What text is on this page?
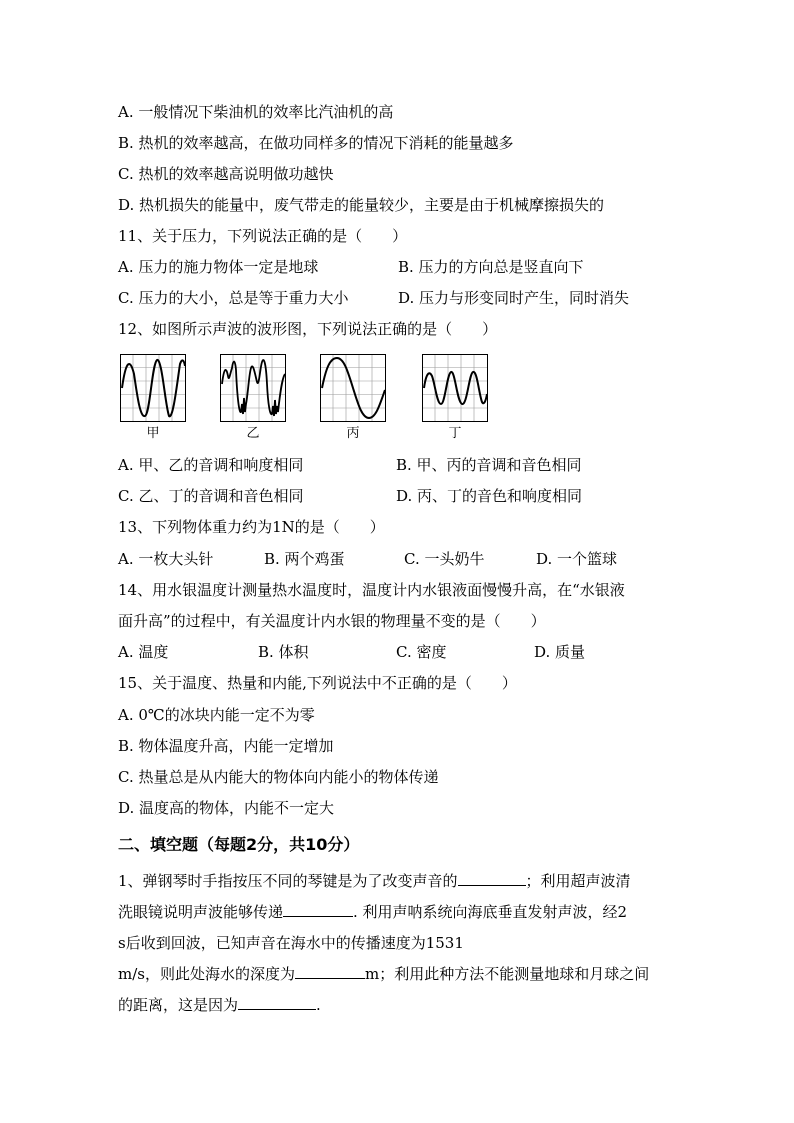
A. 一般情况下柴油机的效率比汽油机的高
B. 热机的效率越高，在做功同样多的情况下消耗的能量越多
C. 热机的效率越高说明做功越快
D. 热机损失的能量中，废气带走的能量较少，主要是由于机械摩擦损失的
11、关于压力，下列说法正确的是（　　）
A. 压力的施力物体一定是地球	B. 压力的方向总是竖直向下
C. 压力的大小，总是等于重力大小	D. 压力与形变同时产生，同时消失
12、如图所示声波的波形图，下列说法正确的是（　　）
甲	乙	丙	丁
A. 甲、乙的音调和响度相同	B. 甲、丙的音调和音色相同
C. 乙、丁的音调和音色相同	D. 丙、丁的音色和响度相同
13、下列物体重力约为1N的是（　　）
A. 一枚大头针	B. 两个鸡蛋	C. 一头奶牛	D. 一个篮球
14、用水银温度计测量热水温度时，温度计内水银液面慢慢升高，在“水银液
面升高”的过程中，有关温度计内水银的物理量不变的是（　　）
A. 温度	B. 体积	C. 密度	D. 质量
15、关于温度、热量和内能,下列说法中不正确的是（　　）
A. 0℃的冰块内能一定不为零
B. 物体温度升高，内能一定增加
C. 热量总是从内能大的物体向内能小的物体传递
D. 温度高的物体，内能不一定大
二、填空题（每题2分，共10分）
1、弹钢琴时手指按压不同的琴键是为了改变声音的	；利用超声波清
洗眼镜说明声波能够传递	. 利用声呐系统向海底垂直发射声波，经2
s后收到回波，已知声音在海水中的传播速度为1531
m/s，则此处海水的深度为	m；利用此种方法不能测量地球和月球之间
的距离，这是因为	.
